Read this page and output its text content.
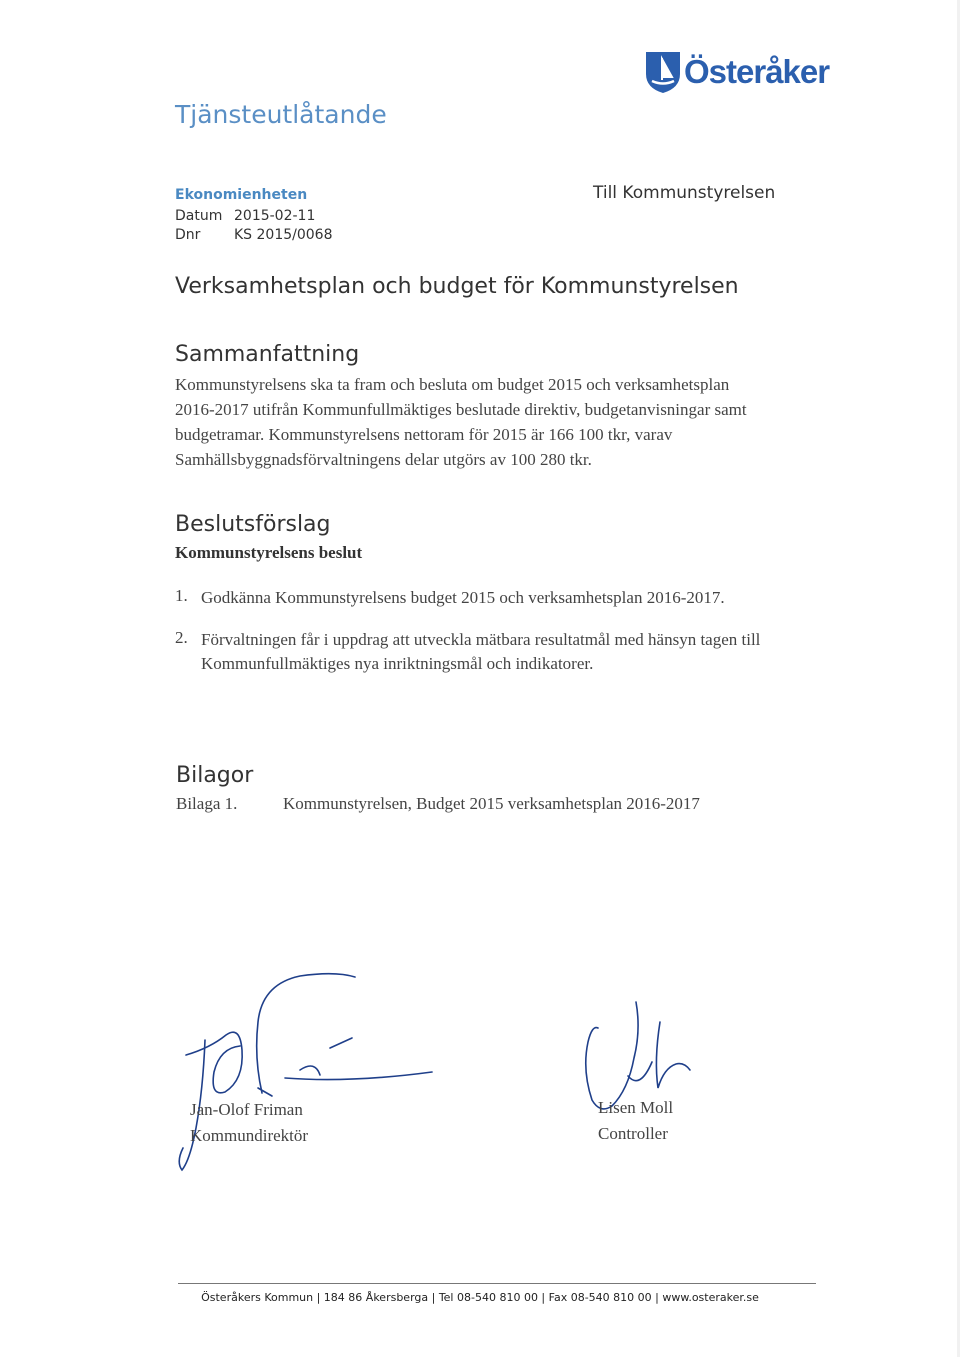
Österåker
Tjänsteutlåtande
Ekonomienheten
Datum 2015-02-11
Dnr KS 2015/0068
Till Kommunstyrelsen
Verksamhetsplan och budget för Kommunstyrelsen
Sammanfattning
Kommunstyrelsens ska ta fram och besluta om budget 2015 och verksamhetsplan
2016-2017 utifrån Kommunfullmäktiges beslutade direktiv, budgetanvisningar samt
budgetramar. Kommunstyrelsens nettoram för 2015 är 166 100 tkr, varav
Samhällsbyggnadsförvaltningens delar utgörs av 100 280 tkr.
Beslutsförslag
Kommunstyrelsens beslut
1. Godkänna Kommunstyrelsens budget 2015 och verksamhetsplan 2016-2017.
2. Förvaltningen får i uppdrag att utveckla mätbara resultatmål med hänsyn tagen till
Kommunfullmäktiges nya inriktningsmål och indikatorer.
Bilagor
Bilaga 1.	Kommunstyrelsen, Budget 2015 verksamhetsplan 2016-2017
Jan-Olof Friman
Kommundirektör
Lisen Moll
Controller
Österåkers Kommun | 184 86 Åkersberga | Tel 08-540 810 00 | Fax 08-540 810 00 | www.osteraker.se
